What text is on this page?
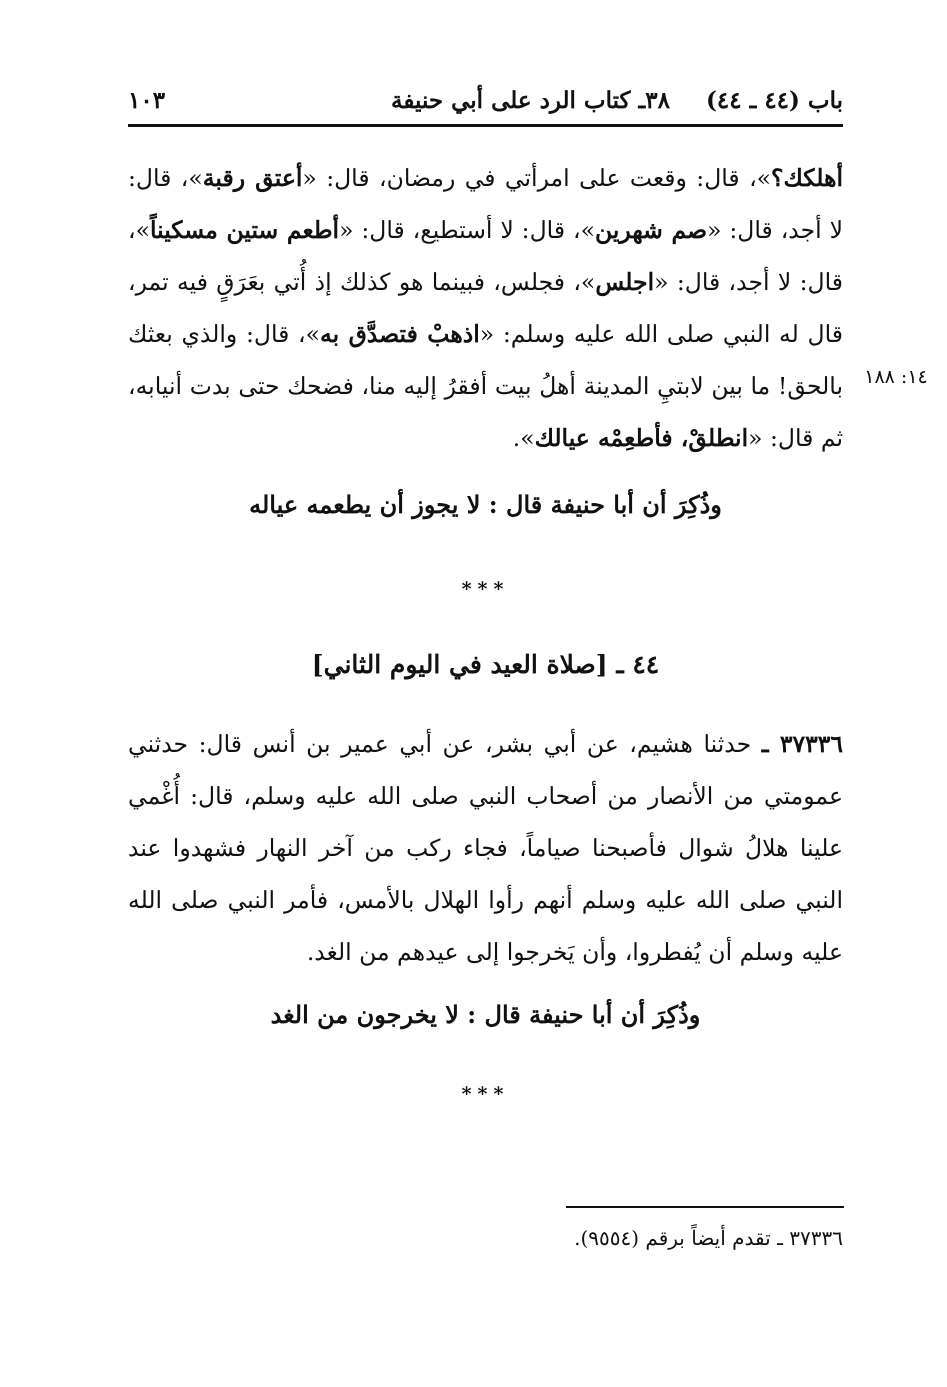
باب (٤٤ ـ ٤٤)
٣٨ـ كتاب الرد على أبي حنيفة
١٠٣
أهلكك؟»، قال: وقعت على امرأتي في رمضان، قال: «أعتق رقبة»، قال: لا أجد، قال: «صم شهرين»، قال: لا أستطيع، قال: «أطعم ستين مسكيناً»، قال: لا أجد، قال: «اجلس»، فجلس، فبينما هو كذلك إذ أُتي بعَرَقٍ فيه تمر، قال له النبي صلى الله عليه وسلم: «اذهبْ فتصدَّق به»، قال: والذي بعثك بالحق! ما بين لابتيِ المدينة أهلُ بيت أفقرُ إليه منا، فضحك حتى بدت أنيابه، ثم قال: «انطلقْ، فأطعِمْه عيالك».
١٤: ١٨٨
وذُكِرَ أن أبا حنيفة قال : لا يجوز أن يطعمه عياله
***
٤٤ ـ [صلاة العيد في اليوم الثاني]
٣٧٣٣٦ ـ حدثنا هشيم، عن أبي بشر، عن أبي عمير بن أنس قال: حدثني عمومتي من الأنصار من أصحاب النبي صلى الله عليه وسلم، قال: أُغْمي علينا هلالُ شوال فأصبحنا صياماً، فجاء ركب من آخر النهار فشهدوا عند النبي صلى الله عليه وسلم أنهم رأوا الهلال بالأمس، فأمر النبي صلى الله عليه وسلم أن يُفطروا، وأن يَخرجوا إلى عيدهم من الغد.
وذُكِرَ أن أبا حنيفة قال : لا يخرجون من الغد
***
٣٧٣٣٦ ـ تقدم أيضاً برقم (٩٥٥٤).
